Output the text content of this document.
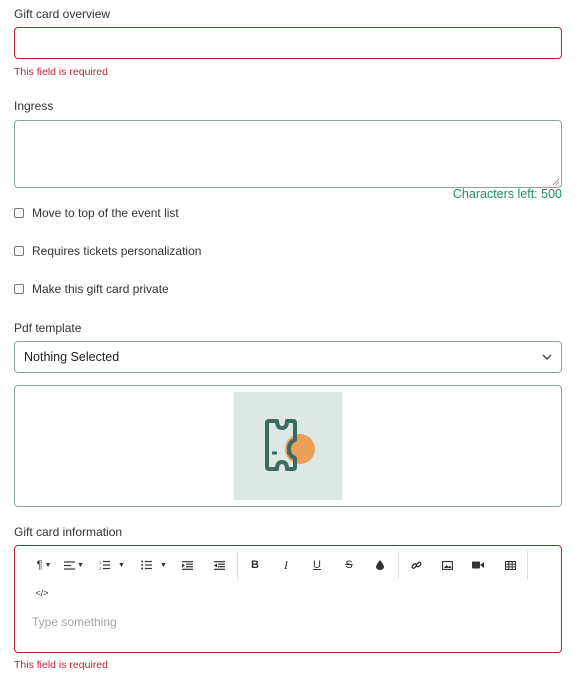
Gift card overview
This field is required
Ingress
Characters left: 500
Move to top of the event list
Requires tickets personalization
Make this gift card private
Pdf template
Nothing Selected
Gift card information
¶ ▼	▼	1
2 ▼	▼	B I U S
</>
Type something
This field is required
